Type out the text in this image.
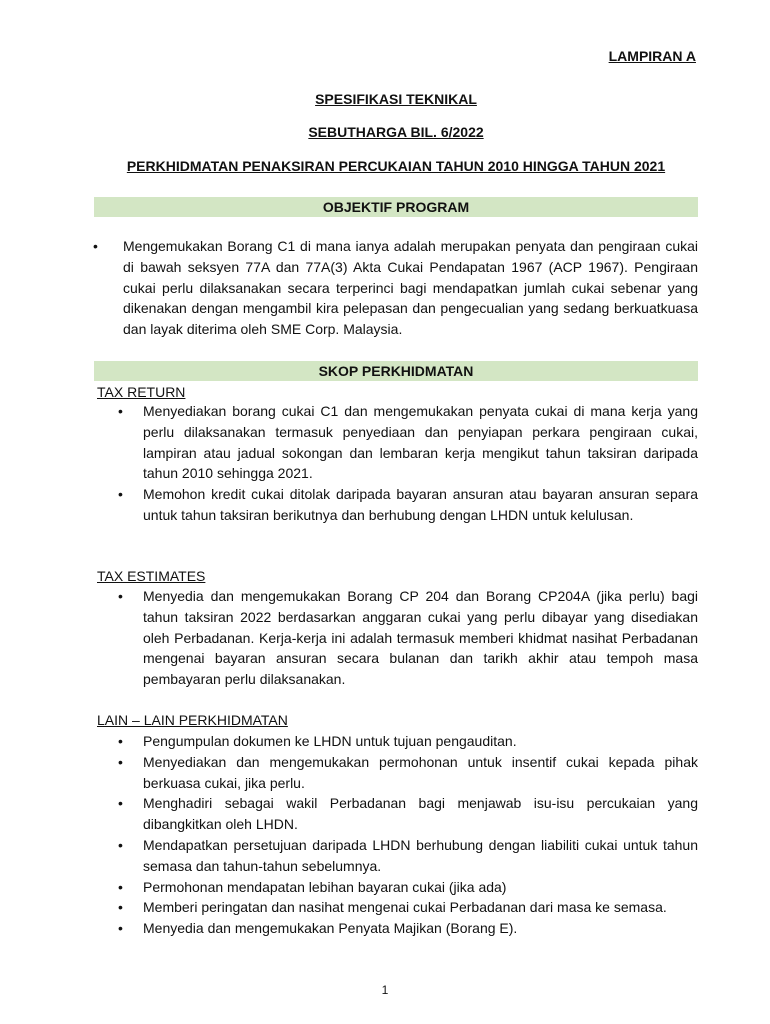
LAMPIRAN A
SPESIFIKASI TEKNIKAL
SEBUTHARGA BIL. 6/2022
PERKHIDMATAN PENAKSIRAN PERCUKAIAN TAHUN 2010 HINGGA TAHUN 2021
OBJEKTIF PROGRAM
• Mengemukakan Borang C1 di mana ianya adalah merupakan penyata dan pengiraan cukai di bawah seksyen 77A dan 77A(3) Akta Cukai Pendapatan 1967 (ACP 1967). Pengiraan cukai perlu dilaksanakan secara terperinci bagi mendapatkan jumlah cukai sebenar yang dikenakan dengan mengambil kira pelepasan dan pengecualian yang sedang berkuatkuasa dan layak diterima oleh SME Corp. Malaysia.
SKOP PERKHIDMATAN
TAX RETURN
• Menyediakan borang cukai C1 dan mengemukakan penyata cukai di mana kerja yang perlu dilaksanakan termasuk penyediaan dan penyiapan perkara pengiraan cukai, lampiran atau jadual sokongan dan lembaran kerja mengikut tahun taksiran daripada tahun 2010 sehingga 2021.
• Memohon kredit cukai ditolak daripada bayaran ansuran atau bayaran ansuran separa untuk tahun taksiran berikutnya dan berhubung dengan LHDN untuk kelulusan.
TAX ESTIMATES
• Menyedia dan mengemukakan Borang CP 204 dan Borang CP204A (jika perlu) bagi tahun taksiran 2022 berdasarkan anggaran cukai yang perlu dibayar yang disediakan oleh Perbadanan. Kerja-kerja ini adalah termasuk memberi khidmat nasihat Perbadanan mengenai bayaran ansuran secara bulanan dan tarikh akhir atau tempoh masa pembayaran perlu dilaksanakan.
LAIN – LAIN PERKHIDMATAN
• Pengumpulan dokumen ke LHDN untuk tujuan pengauditan.
• Menyediakan dan mengemukakan permohonan untuk insentif cukai kepada pihak berkuasa cukai, jika perlu.
• Menghadiri sebagai wakil Perbadanan bagi menjawab isu-isu percukaian yang dibangkitkan oleh LHDN.
• Mendapatkan persetujuan daripada LHDN berhubung dengan liabiliti cukai untuk tahun semasa dan tahun-tahun sebelumnya.
• Permohonan mendapatan lebihan bayaran cukai (jika ada)
• Memberi peringatan dan nasihat mengenai cukai Perbadanan dari masa ke semasa.
• Menyedia dan mengemukakan Penyata Majikan (Borang E).
1
